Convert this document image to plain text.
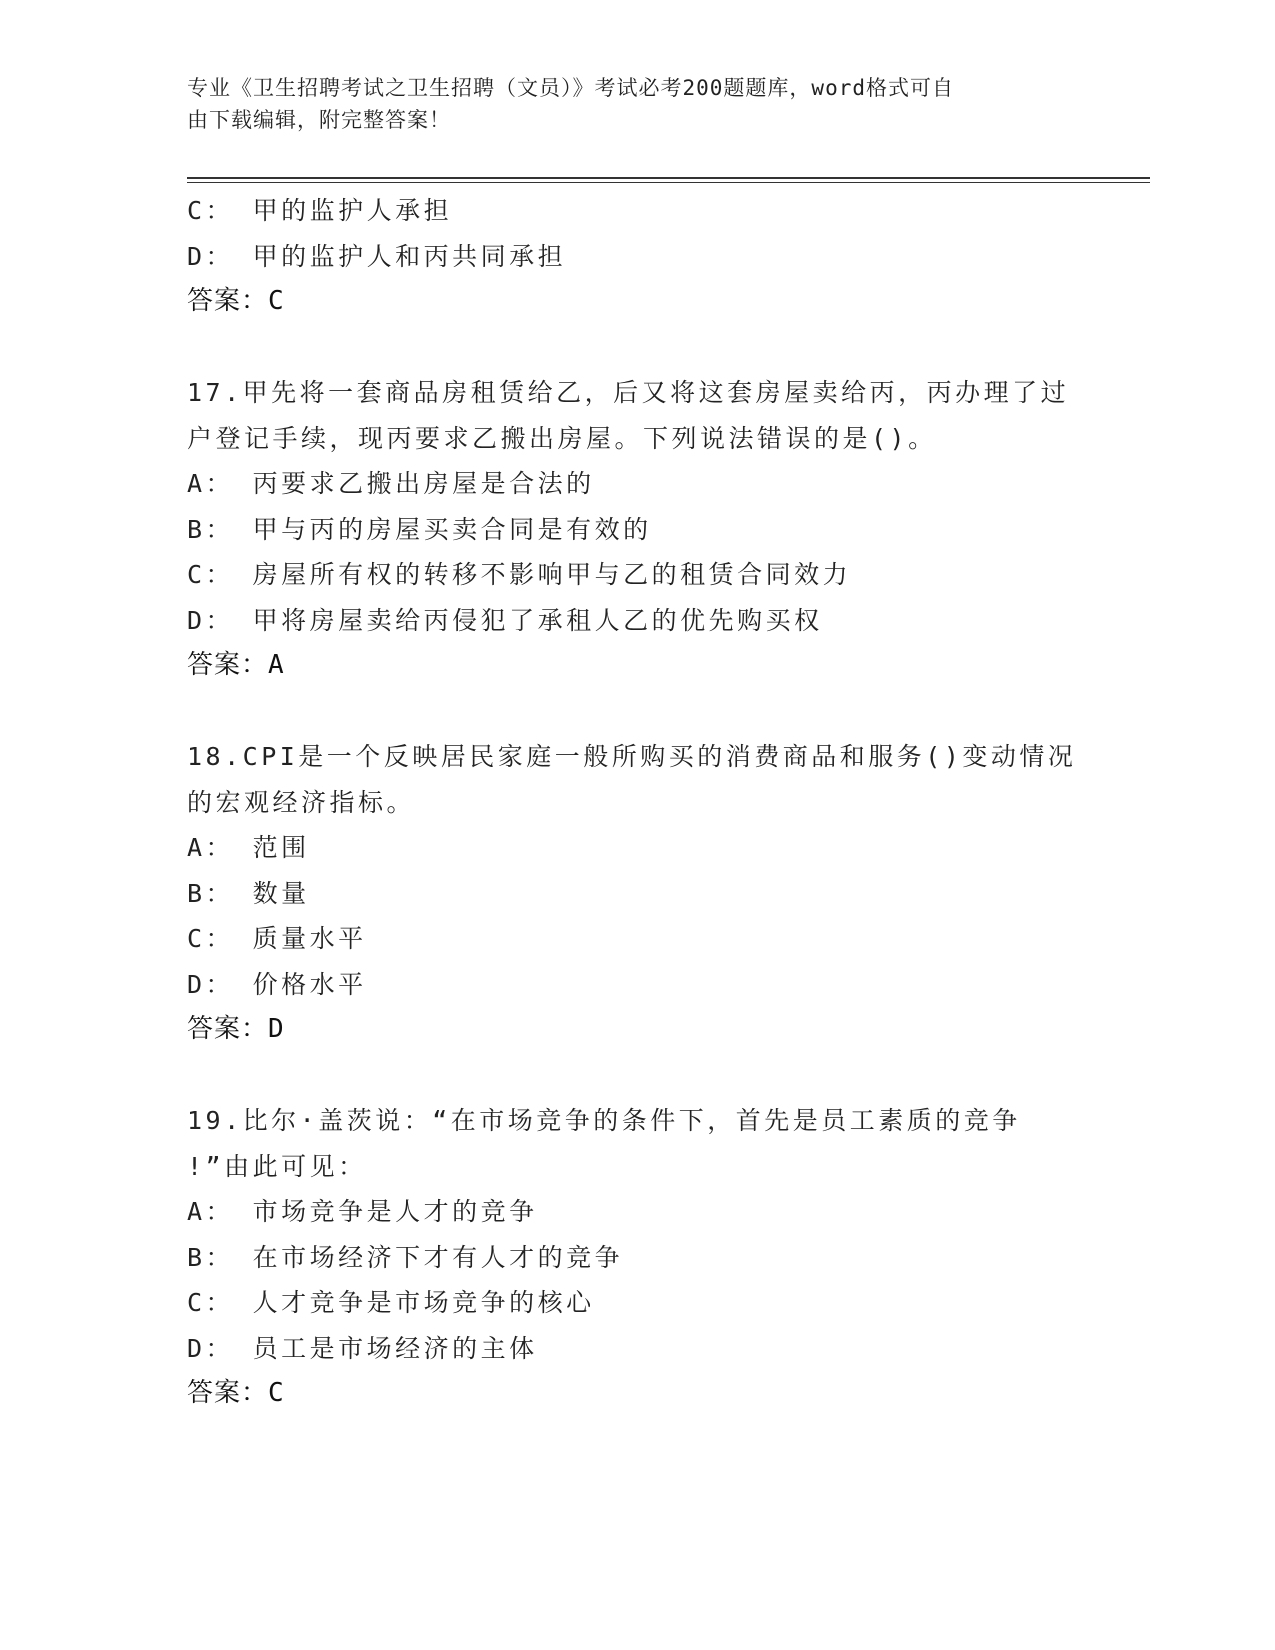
专业《卫生招聘考试之卫生招聘（文员）》考试必考200题题库，word格式可自
由下载编辑，附完整答案！
C： 甲的监护人承担
D： 甲的监护人和丙共同承担
答案：C
17.甲先将一套商品房租赁给乙，后又将这套房屋卖给丙，丙办理了过
户登记手续，现丙要求乙搬出房屋。下列说法错误的是()。
A： 丙要求乙搬出房屋是合法的
B： 甲与丙的房屋买卖合同是有效的
C： 房屋所有权的转移不影响甲与乙的租赁合同效力
D： 甲将房屋卖给丙侵犯了承租人乙的优先购买权
答案：A
18.CPI是一个反映居民家庭一般所购买的消费商品和服务()变动情况
的宏观经济指标。
A： 范围
B： 数量
C： 质量水平
D： 价格水平
答案：D
19.比尔·盖茨说：“在市场竞争的条件下，首先是员工素质的竞争
!”由此可见：
A： 市场竞争是人才的竞争
B： 在市场经济下才有人才的竞争
C： 人才竞争是市场竞争的核心
D： 员工是市场经济的主体
答案：C
